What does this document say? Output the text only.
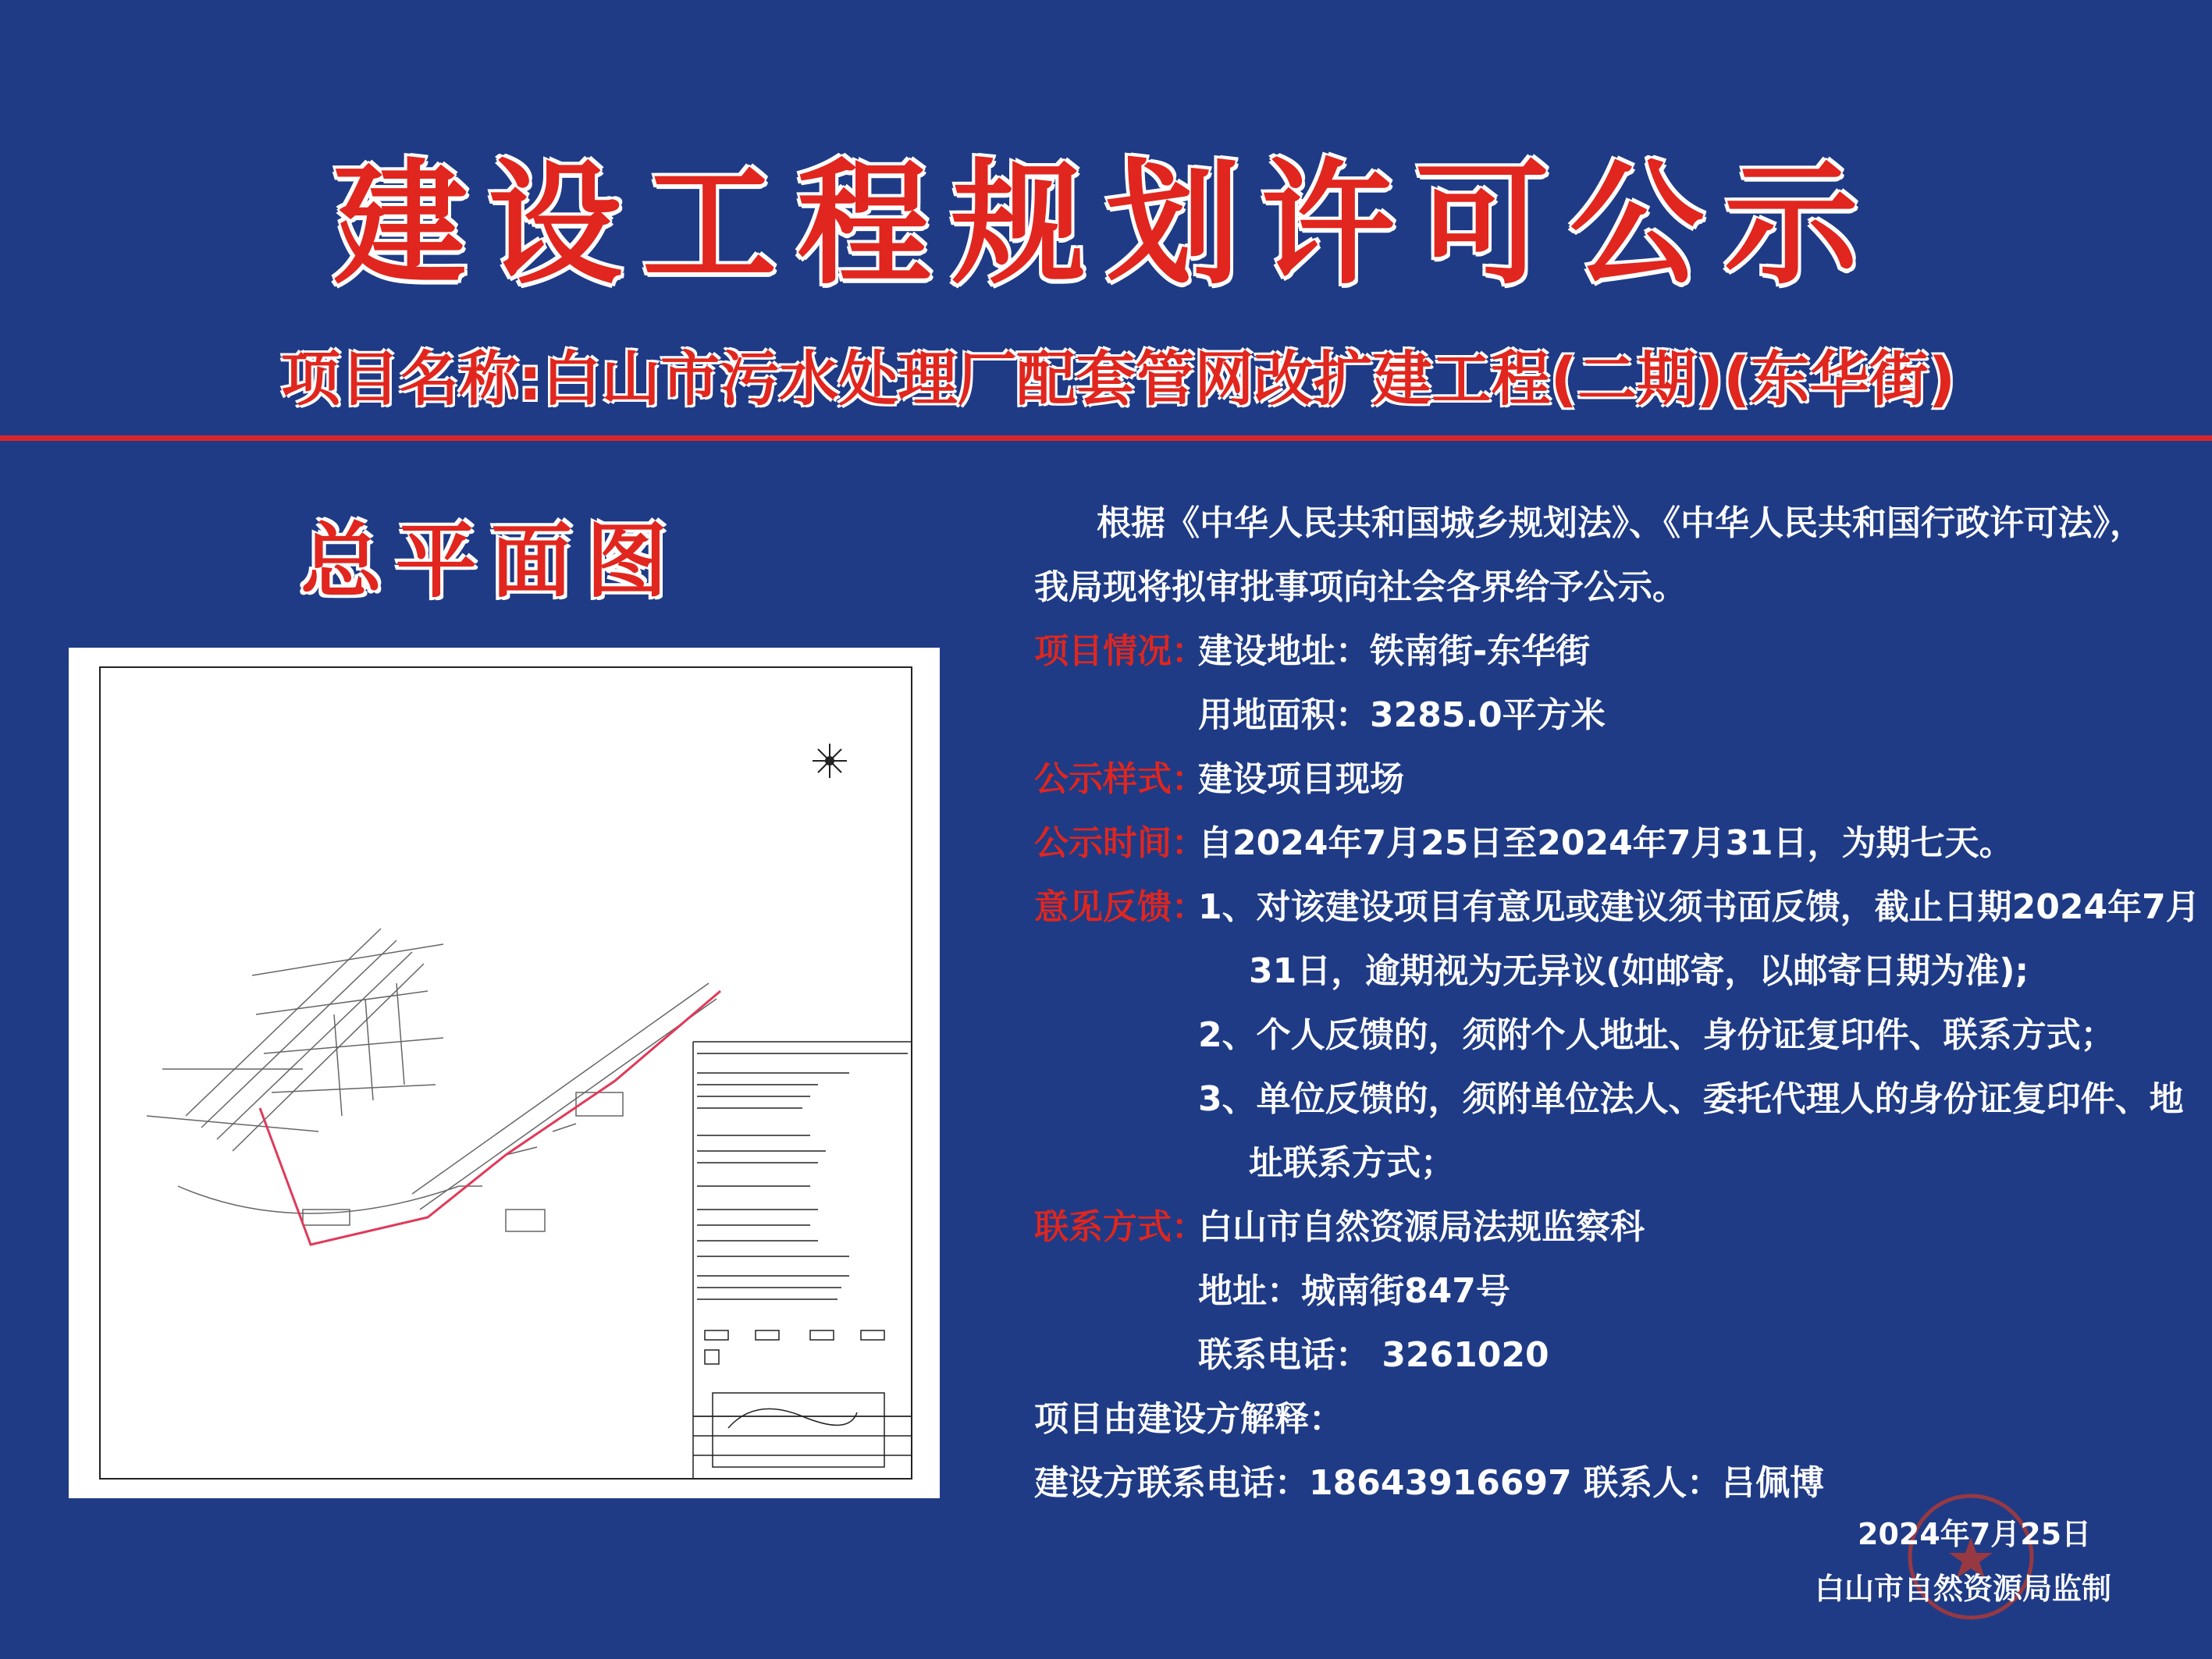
建设工程规划许可公示
项目名称:白山市污水处理厂配套管网改扩建工程(二期)(东华街)
总平面图	根据《中华人民共和国城乡规划法》、《中华人民共和国行政许可法》，
我局现将拟审批事项向社会各界给予公示。
项目情况：
建设地址：铁南街-东华街
用地面积：3285.0平方米
公示样式：
建设项目现场
公示时间：
自2024年7月25日至2024年7月31日，为期七天。
意见反馈：
1、对该建设项目有意见或建议须书面反馈，截止日期2024年7月
31日，逾期视为无异议(如邮寄，以邮寄日期为准);
2、个人反馈的，须附个人地址、身份证复印件、联系方式；
3、单位反馈的，须附单位法人、委托代理人的身份证复印件、地
址联系方式；
联系方式：
白山市自然资源局法规监察科
地址：城南街847号
联系电话： 3261020
项目由建设方解释：
建设方联系电话：18643916697 联系人：吕佩博
2024年7月25日
白山市自然资源局监制
